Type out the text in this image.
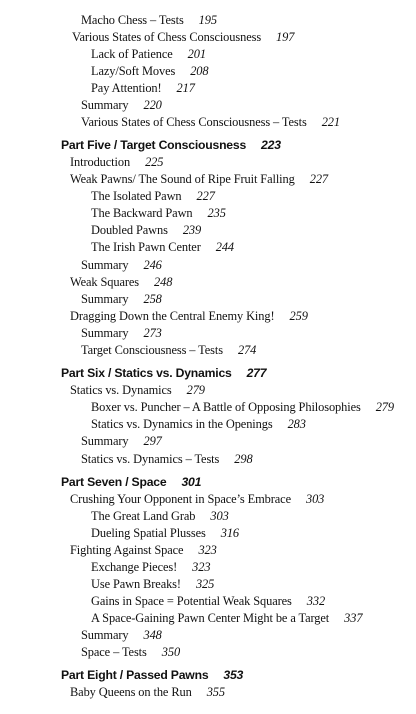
Macho Chess – Tests 195
Various States of Chess Consciousness 197
Lack of Patience 201
Lazy/Soft Moves 208
Pay Attention! 217
Summary 220
Various States of Chess Consciousness – Tests 221
Part Five / Target Consciousness 223
Introduction 225
Weak Pawns/ The Sound of Ripe Fruit Falling 227
The Isolated Pawn 227
The Backward Pawn 235
Doubled Pawns 239
The Irish Pawn Center 244
Summary 246
Weak Squares 248
Summary 258
Dragging Down the Central Enemy King! 259
Summary 273
Target Consciousness – Tests 274
Part Six / Statics vs. Dynamics 277
Statics vs. Dynamics 279
Boxer vs. Puncher – A Battle of Opposing Philosophies 279
Statics vs. Dynamics in the Openings 283
Summary 297
Statics vs. Dynamics – Tests 298
Part Seven / Space 301
Crushing Your Opponent in Space’s Embrace 303
The Great Land Grab 303
Dueling Spatial Plusses 316
Fighting Against Space 323
Exchange Pieces! 323
Use Pawn Breaks! 325
Gains in Space = Potential Weak Squares 332
A Space-Gaining Pawn Center Might be a Target 337
Summary 348
Space – Tests 350
Part Eight / Passed Pawns 353
Baby Queens on the Run 355
